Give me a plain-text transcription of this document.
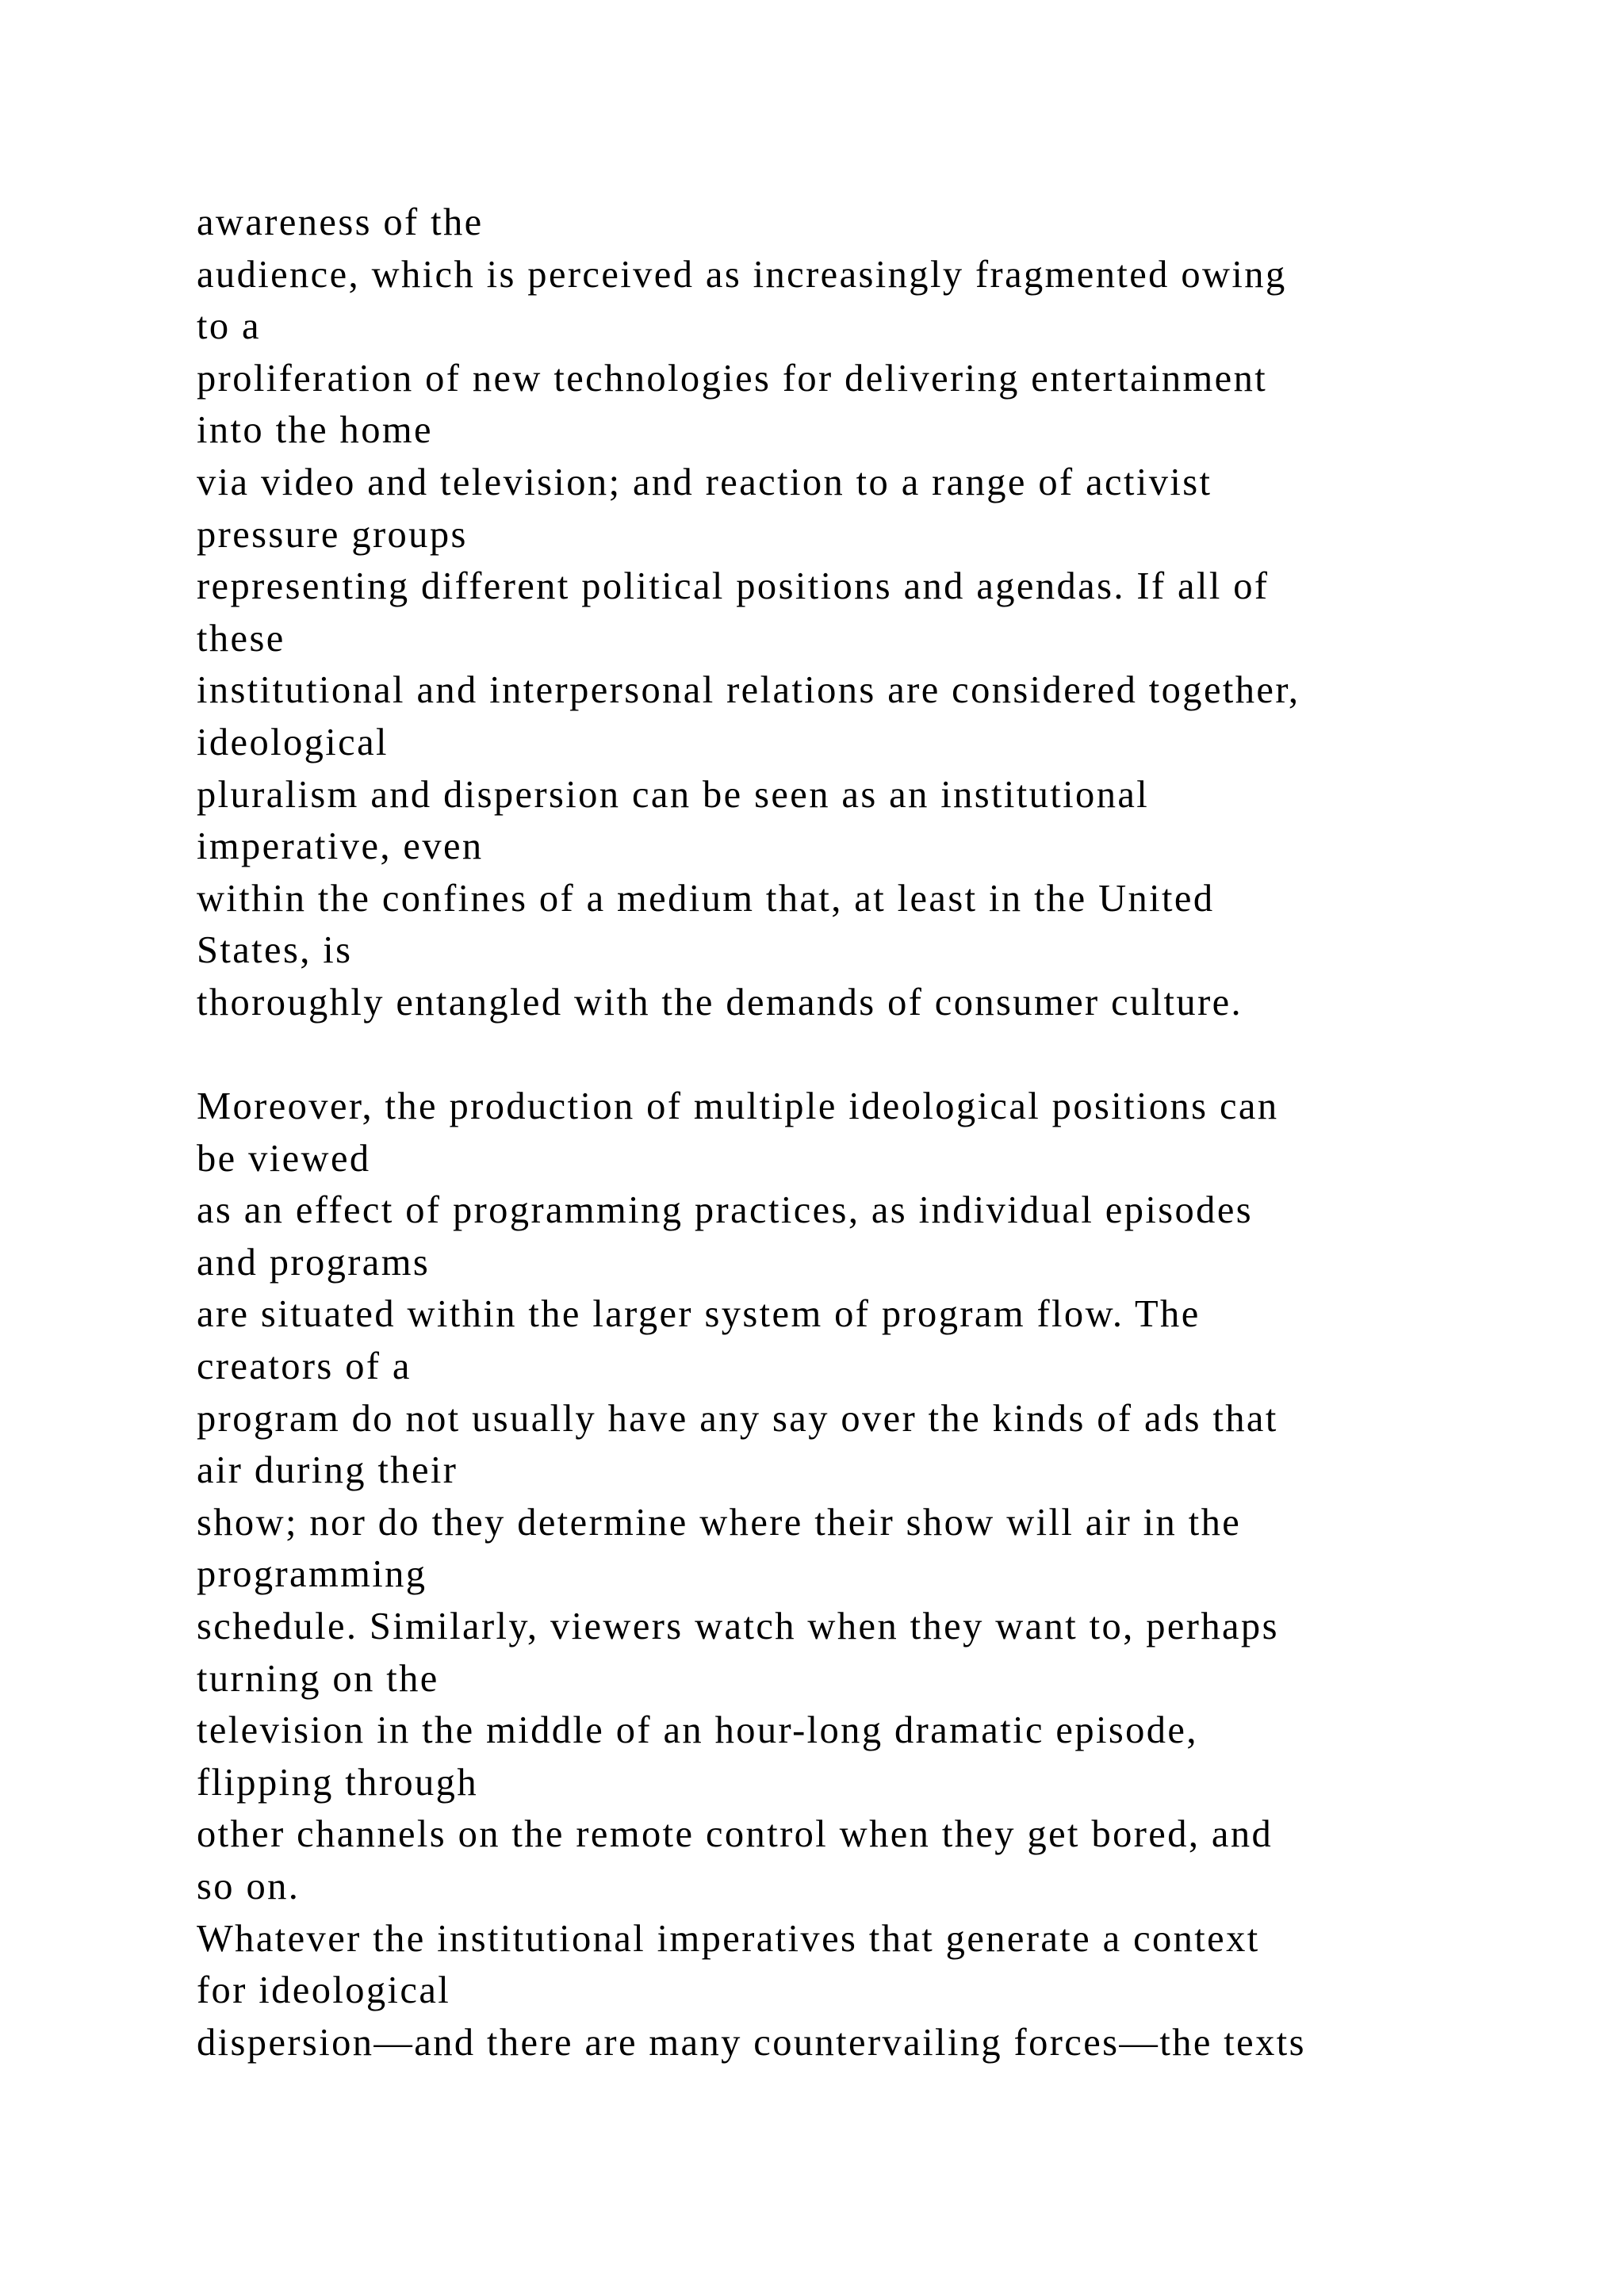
awareness of the
audience, which is perceived as increasingly fragmented owing
to a
proliferation of new technologies for delivering entertainment
into the home
via video and television; and reaction to a range of activist
pressure groups
representing different political positions and agendas. If all of
these
institutional and interpersonal relations are considered together,
ideological
pluralism and dispersion can be seen as an institutional
imperative, even
within the confines of a medium that, at least in the United
States, is
thoroughly entangled with the demands of consumer culture.
Moreover, the production of multiple ideological positions can
be viewed
as an effect of programming practices, as individual episodes
and programs
are situated within the larger system of program flow. The
creators of a
program do not usually have any say over the kinds of ads that
air during their
show; nor do they determine where their show will air in the
programming
schedule. Similarly, viewers watch when they want to, perhaps
turning on the
television in the middle of an hour-long dramatic episode,
flipping through
other channels on the remote control when they get bored, and
so on.
Whatever the institutional imperatives that generate a context
for ideological
dispersion—and there are many countervailing forces—the texts
